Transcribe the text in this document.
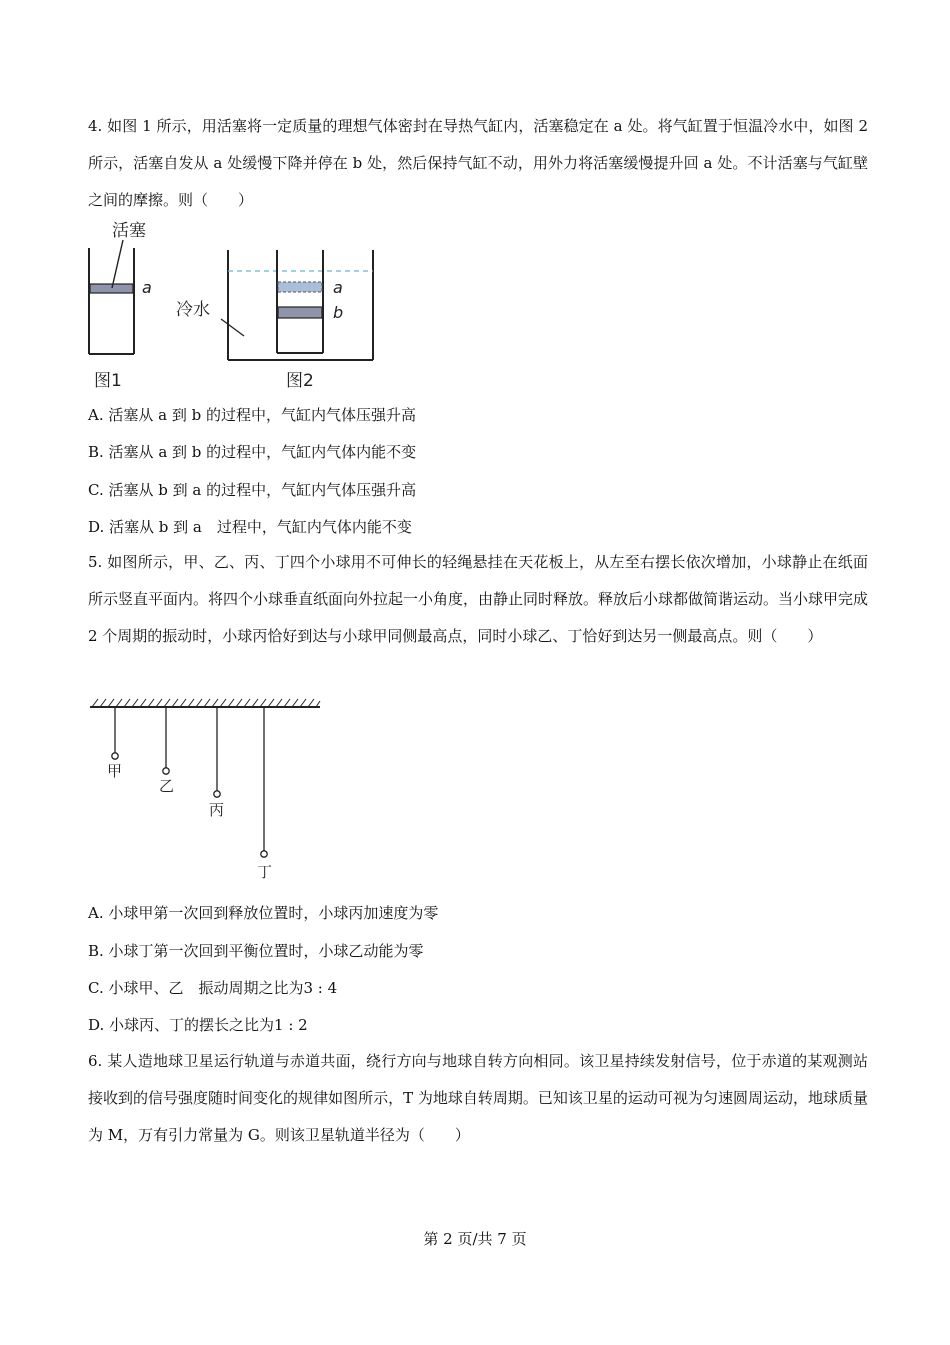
4. 如图 1 所示，用活塞将一定质量的理想气体密封在导热气缸内，活塞稳定在 a 处。将气缸置于恒温冷水中，如图 2 所示，活塞自发从 a 处缓慢下降并停在 b 处，然后保持气缸不动，用外力将活塞缓慢提升回 a 处。不计活塞与气缸壁之间的摩擦。则（　　）

活塞
a
图1
a
b
冷水
图2
A. 活塞从 a 到 b 的过程中，气缸内气体压强升高
B. 活塞从 a 到 b 的过程中，气缸内气体内能不变
C. 活塞从 b 到 a 的过程中，气缸内气体压强升高
D. 活塞从 b 到 a　过程中，气缸内气体内能不变

5. 如图所示，甲、乙、丙、丁四个小球用不可伸长的轻绳悬挂在天花板上，从左至右摆长依次增加，小球静止在纸面所示竖直平面内。将四个小球垂直纸面向外拉起一小角度，由静止同时释放。释放后小球都做简谐运动。当小球甲完成 2 个周期的振动时，小球丙恰好到达与小球甲同侧最高点，同时小球乙、丁恰好到达另一侧最高点。则（　　）

甲
乙
丙
丁
A. 小球甲第一次回到释放位置时，小球丙加速度为零
B. 小球丁第一次回到平衡位置时，小球乙动能为零
C. 小球甲、乙　振动周期之比为3 : 4
D. 小球丙、丁的摆长之比为1 : 2

6. 某人造地球卫星运行轨道与赤道共面，绕行方向与地球自转方向相同。该卫星持续发射信号，位于赤道的某观测站接收到的信号强度随时间变化的规律如图所示，T 为地球自转周期。已知该卫星的运动可视为匀速圆周运动，地球质量为 M，万有引力常量为 G。则该卫星轨道半径为（　　）

第 2 页/共 7 页
